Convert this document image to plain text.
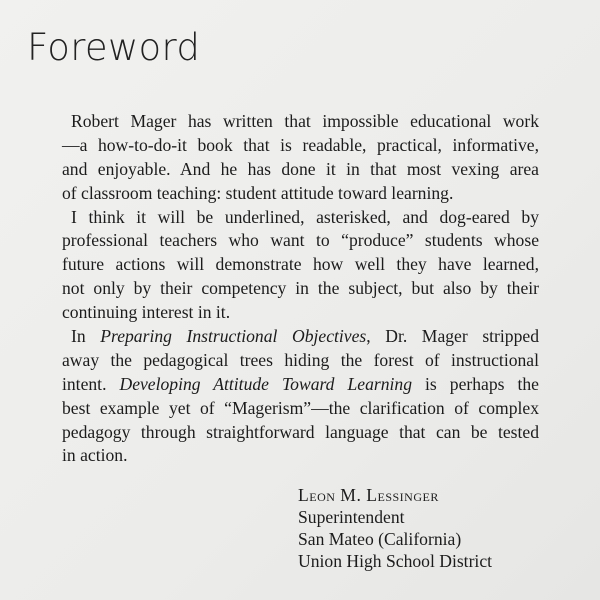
Foreword
Robert Mager has written that impossible educational work
—a how-to-do-it book that is readable, practical, informative,
and enjoyable. And he has done it in that most vexing area
of classroom teaching: student attitude toward learning.
I think it will be underlined, asterisked, and dog-eared by
professional teachers who want to “produce” students whose
future actions will demonstrate how well they have learned,
not only by their competency in the subject, but also by their
continuing interest in it.
In Preparing Instructional Objectives, Dr. Mager stripped
away the pedagogical trees hiding the forest of instructional
intent. Developing Attitude Toward Learning is perhaps the
best example yet of “Magerism”—the clarification of complex
pedagogy through straightforward language that can be tested
in action.
Leon M. Lessinger
Superintendent
San Mateo (California)
Union High School District
